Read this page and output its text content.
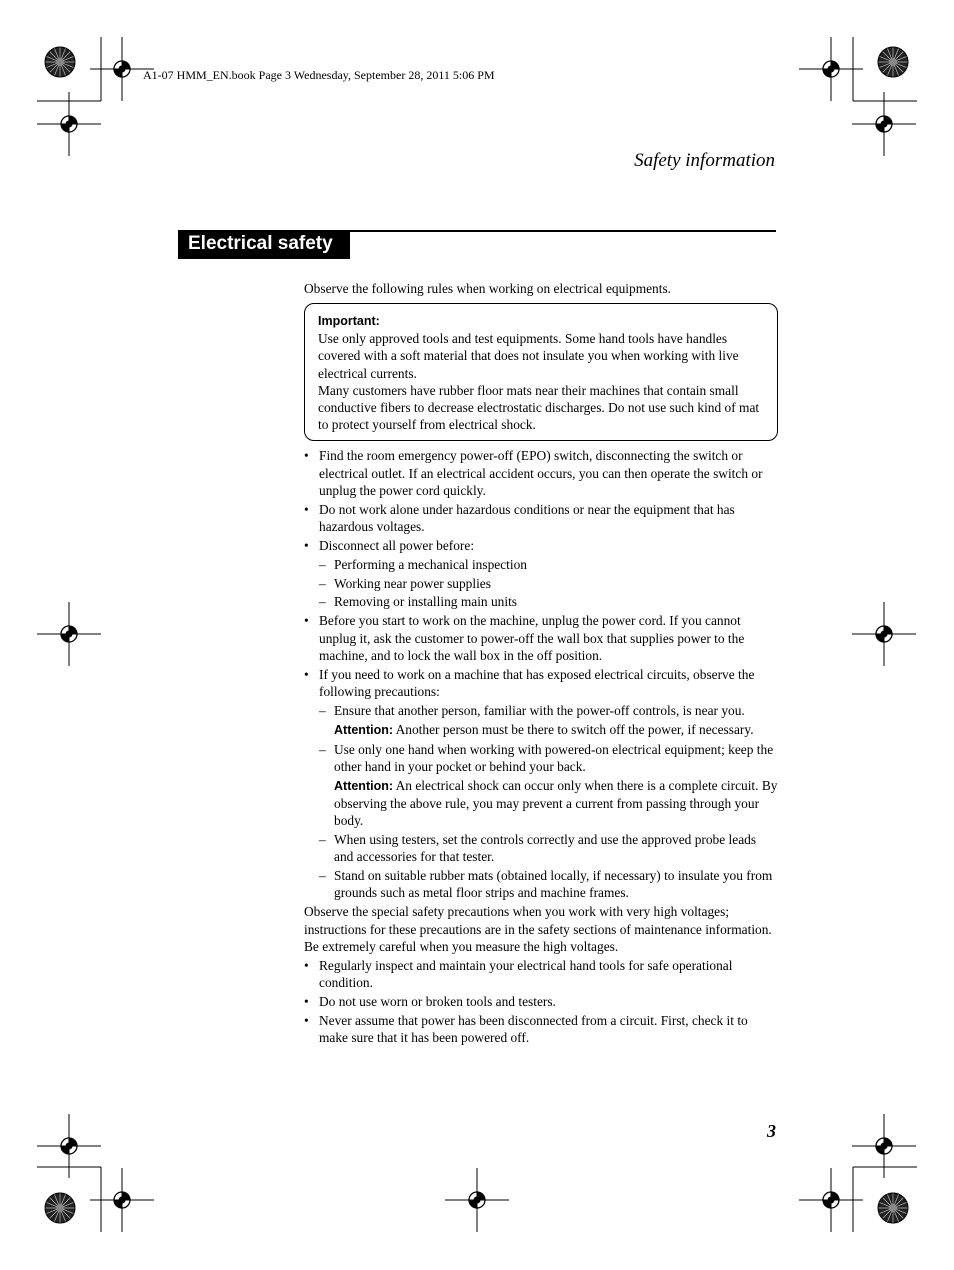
A1-07 HMM_EN.book Page 3 Wednesday, September 28, 2011 5:06 PM
Safety information
Electrical safety

Observe the following rules when working on electrical equipments.

Important:

Use only approved tools and test equipments. Some hand tools have handles covered with a soft material that does not insulate you when working with live electrical currents.

Many customers have rubber floor mats near their machines that contain small conductive fibers to decrease electrostatic discharges. Do not use such kind of mat to protect yourself from electrical shock.

• Find the room emergency power-off (EPO) switch, disconnecting the switch or electrical outlet. If an electrical accident occurs, you can then operate the switch or unplug the power cord quickly.
• Do not work alone under hazardous conditions or near the equipment that has hazardous voltages.
• Disconnect all power before:
– Performing a mechanical inspection
– Working near power supplies
– Removing or installing main units
• Before you start to work on the machine, unplug the power cord. If you cannot unplug it, ask the customer to power-off the wall box that supplies power to the machine, and to lock the wall box in the off position.
• If you need to work on a machine that has exposed electrical circuits, observe the following precautions:

– Ensure that another person, familiar with the power-off controls, is near you.

Attention: Another person must be there to switch off the power, if necessary.

– Use only one hand when working with powered-on electrical equipment; keep the other hand in your pocket or behind your back.

Attention: An electrical shock can occur only when there is a complete circuit. By observing the above rule, you may prevent a current from passing through your body.

– When using testers, set the controls correctly and use the approved probe leads and accessories for that tester.
– Stand on suitable rubber mats (obtained locally, if necessary) to insulate you from grounds such as metal floor strips and machine frames.

Observe the special safety precautions when you work with very high voltages; instructions for these precautions are in the safety sections of maintenance information. Be extremely careful when you measure the high voltages.

• Regularly inspect and maintain your electrical hand tools for safe operational condition.
• Do not use worn or broken tools and testers.
• Never assume that power has been disconnected from a circuit. First, check it to make sure that it has been powered off.
3
